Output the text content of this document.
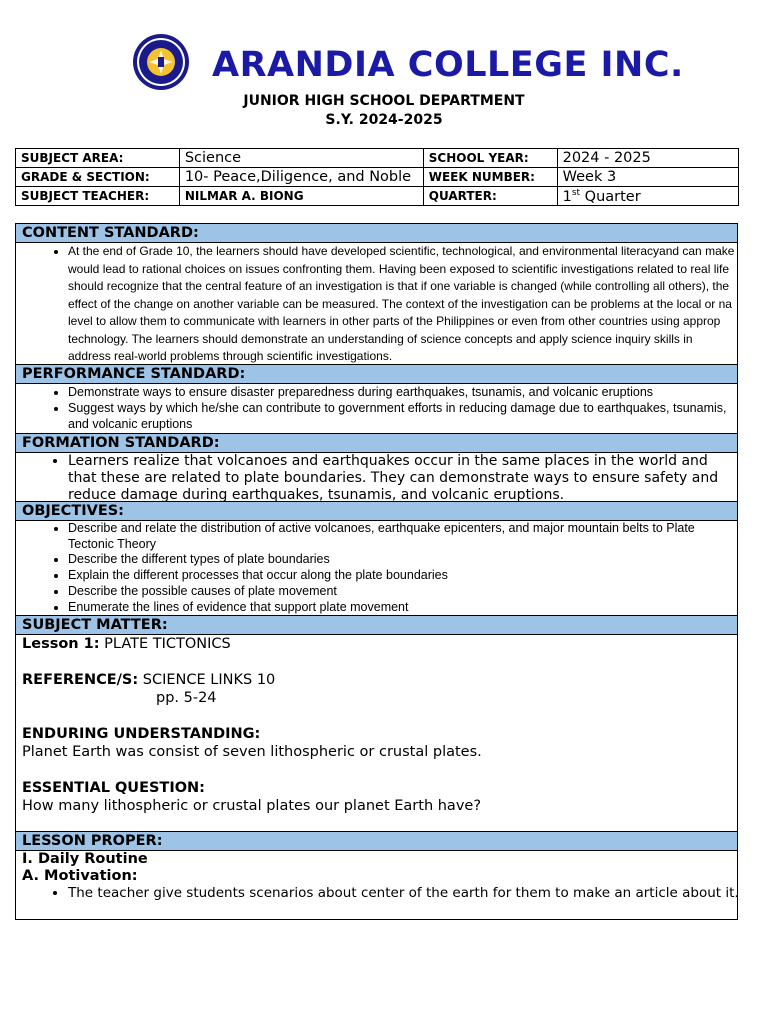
ARANDIA COLLEGE INC.
JUNIOR HIGH SCHOOL DEPARTMENT
S.Y. 2024-2025
SUBJECT AREA:	Science	SCHOOL YEAR:	2024 - 2025
GRADE & SECTION:	10- Peace,Diligence, and Noble	WEEK NUMBER:	Week 3
SUBJECT TEACHER:	NILMAR A. BIONG	QUARTER:	1st Quarter
CONTENT STANDARD:
• At the end of Grade 10, the learners should have developed scientific, technological, and environmental literacyand can make would lead to rational choices on issues confronting them. Having been exposed to scientific investigations related to real life should recognize that the central feature of an investigation is that if one variable is changed (while controlling all others), the effect of the change on another variable can be measured. The context of the investigation can be problems at the local or na level to allow them to communicate with learners in other parts of the Philippines or even from other countries using approp technology. The learners should demonstrate an understanding of science concepts and apply science inquiry skills in address real-world problems through scientific investigations.
PERFORMANCE STANDARD:
• Demonstrate ways to ensure disaster preparedness during earthquakes, tsunamis, and volcanic eruptions
• Suggest ways by which he/she can contribute to government efforts in reducing damage due to earthquakes, tsunamis, and volcanic eruptions
FORMATION STANDARD:
• Learners realize that volcanoes and earthquakes occur in the same places in the world and that these are related to plate boundaries. They can demonstrate ways to ensure safety and reduce damage during earthquakes, tsunamis, and volcanic eruptions.
OBJECTIVES:
• Describe and relate the distribution of active volcanoes, earthquake epicenters, and major mountain belts to Plate Tectonic Theory
• Describe the different types of plate boundaries
• Explain the different processes that occur along the plate boundaries
• Describe the possible causes of plate movement
• Enumerate the lines of evidence that support plate movement
SUBJECT MATTER:
Lesson 1: PLATE TICTONICS
REFERENCE/S: SCIENCE LINKS 10
pp. 5-24
ENDURING UNDERSTANDING:
Planet Earth was consist of seven lithospheric or crustal plates.
ESSENTIAL QUESTION:
How many lithospheric or crustal plates our planet Earth have?
LESSON PROPER:
I. Daily Routine
A. Motivation:
• The teacher give students scenarios about center of the earth for them to make an article about it.
